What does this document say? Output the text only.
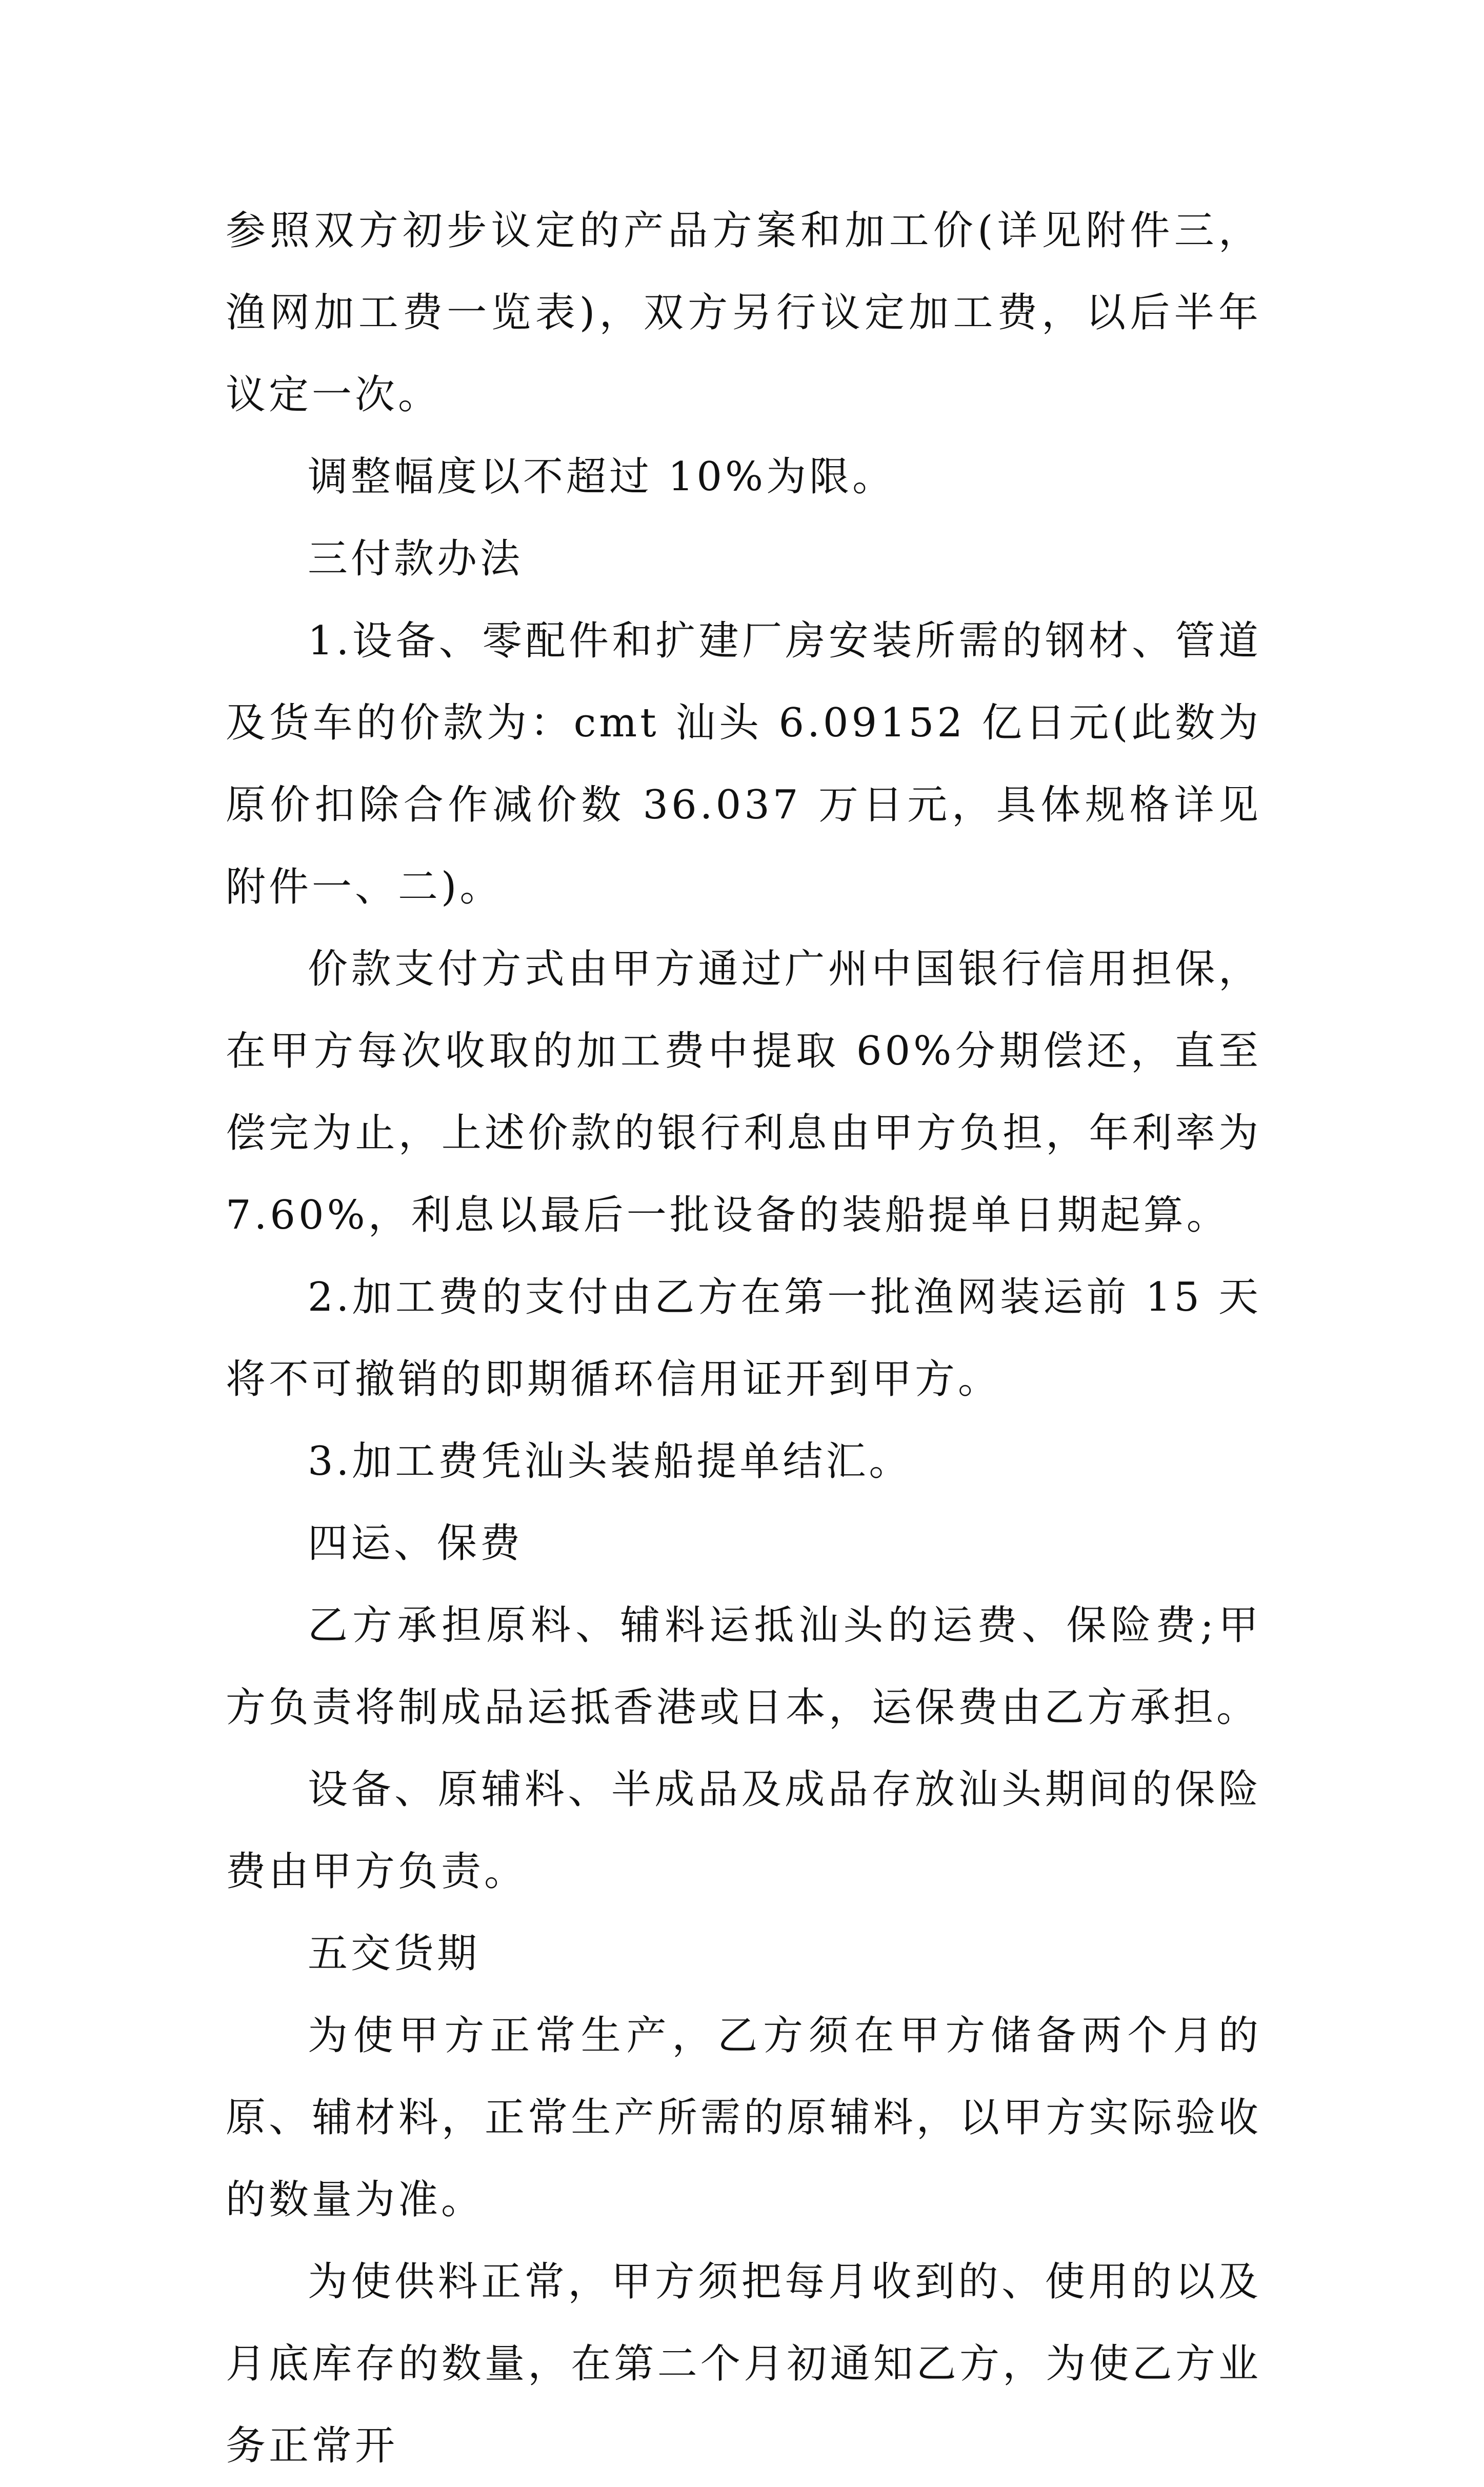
参照双方初步议定的产品方案和加工价(详见附件三，渔网加工费一览表)，双方另行议定加工费，以后半年议定一次。

调整幅度以不超过 10%为限。

三付款办法

1.设备、零配件和扩建厂房安装所需的钢材、管道及货车的价款为：cmt 汕头 6.09152 亿日元(此数为原价扣除合作减价数 36.037 万日元，具体规格详见附件一、二)。

价款支付方式由甲方通过广州中国银行信用担保，在甲方每次收取的加工费中提取 60%分期偿还，直至偿完为止，上述价款的银行利息由甲方负担，年利率为 7.60%，利息以最后一批设备的装船提单日期起算。

2.加工费的支付由乙方在第一批渔网装运前 15 天将不可撤销的即期循环信用证开到甲方。

3.加工费凭汕头装船提单结汇。

四运、保费

乙方承担原料、辅料运抵汕头的运费、保险费;甲方负责将制成品运抵香港或日本，运保费由乙方承担。

设备、原辅料、半成品及成品存放汕头期间的保险费由甲方负责。

五交货期

为使甲方正常生产，乙方须在甲方储备两个月的原、辅材料，正常生产所需的原辅料，以甲方实际验收的数量为准。

为使供料正常，甲方须把每月收到的、使用的以及月底库存的数量，在第二个月初通知乙方，为使乙方业务正常开
